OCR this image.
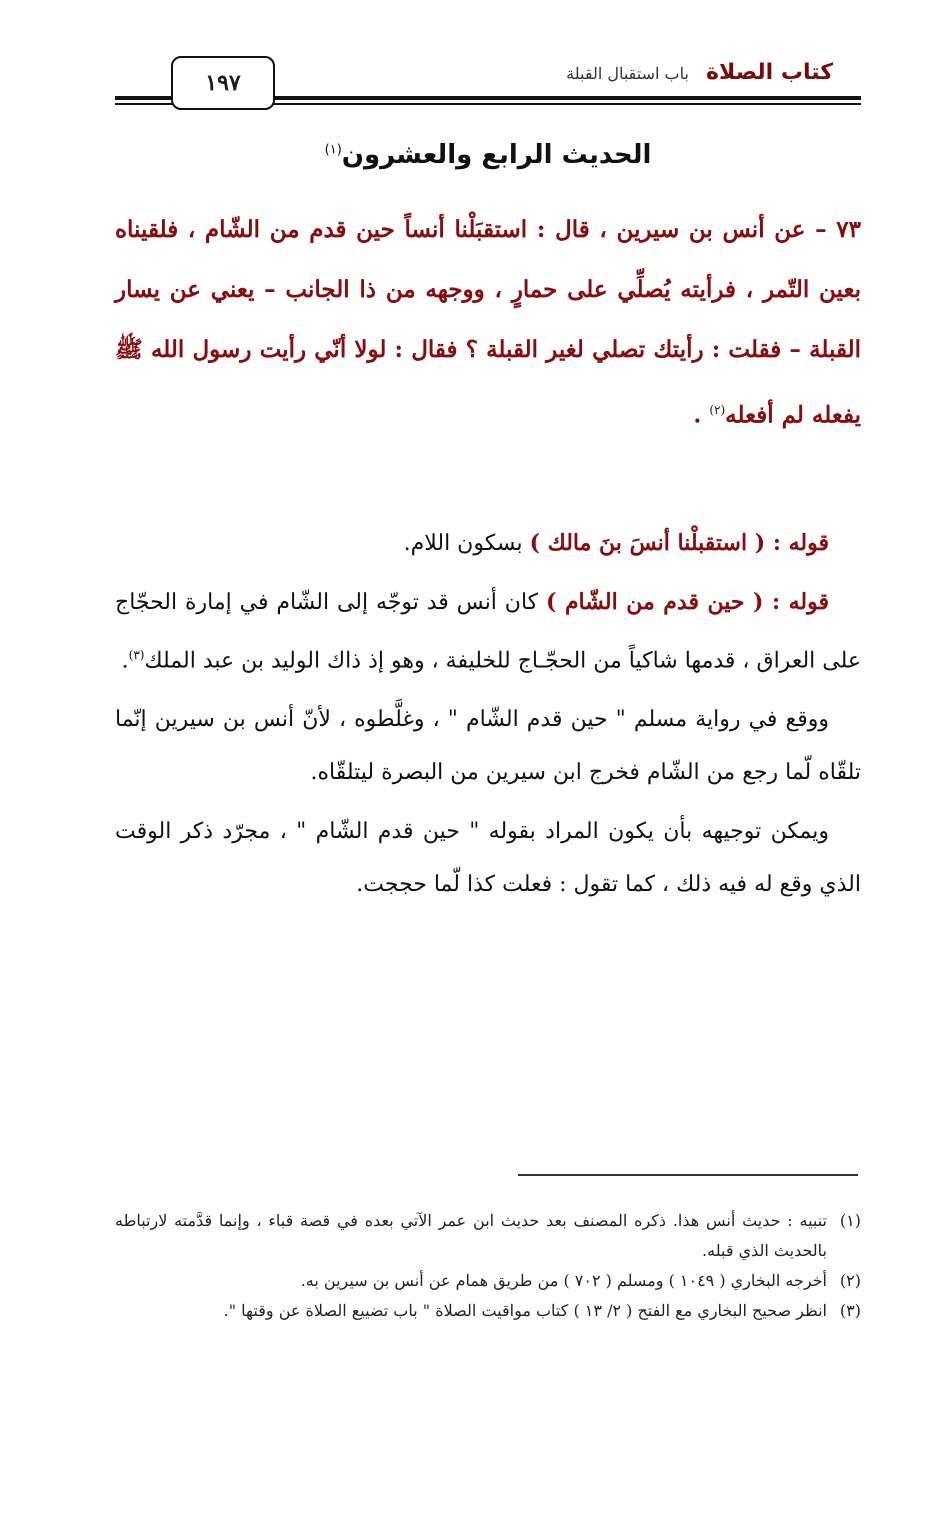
كتاب الصلاة باب استقبال القبلة
١٩٧
الحديث الرابع والعشرون$^{(١)}$

٧٣ – عن أنس بن سيرين ، قال : استقبَلْنا أنساً حين قدم من الشّام ، فلقيناه بعين التّمر ، فرأيته يُصلِّي على حمارٍ ، ووجهه من ذا الجانب – يعني عن يسار القبلة – فقلت : رأيتك تصلي لغير القبلة ؟ فقال : لولا أنّي رأيت رسول الله ﷺ يفعله لم أفعله$^{(٢)}$ .

قوله : ( استقبلْنا أنسَ بنَ مالك ) بسكون اللام.

قوله : ( حين قدم من الشّام ) كان أنس قد توجّه إلى الشّام في إمارة الحجّاج على العراق ، قدمها شاكياً من الحجّـاج للخليفة ، وهو إذ ذاك الوليد بن عبد الملك$^{(٣)}$.

ووقع في رواية مسلم " حين قدم الشّام " ، وغلَّطوه ، لأنّ أنس بن سيرين إنّما تلقّاه لّما رجع من الشّام فخرج ابن سيرين من البصرة ليتلقّاه.

ويمكن توجيهه بأن يكون المراد بقوله " حين قدم الشّام " ، مجرّد ذكر الوقت الذي وقع له فيه ذلك ، كما تقول : فعلت كذا لّما حججت.

(١)تنبيه : حديث أنس هذا. ذكره المصنف بعد حديث ابن عمر الآتي بعده في قصة قباء ، وإنما قدَّمته لارتباطه بالحديث الذي قبله.
(٢)أخرجه البخاري ( ١٠٤٩ ) ومسلم ( ٧٠٢ ) من طريق همام عن أنس بن سيرين به.
(٣)انظر صحيح البخاري مع الفتح ( ٢/ ١٣ ) كتاب مواقيت الصلاة " باب تضييع الصلاة عن وقتها ".
